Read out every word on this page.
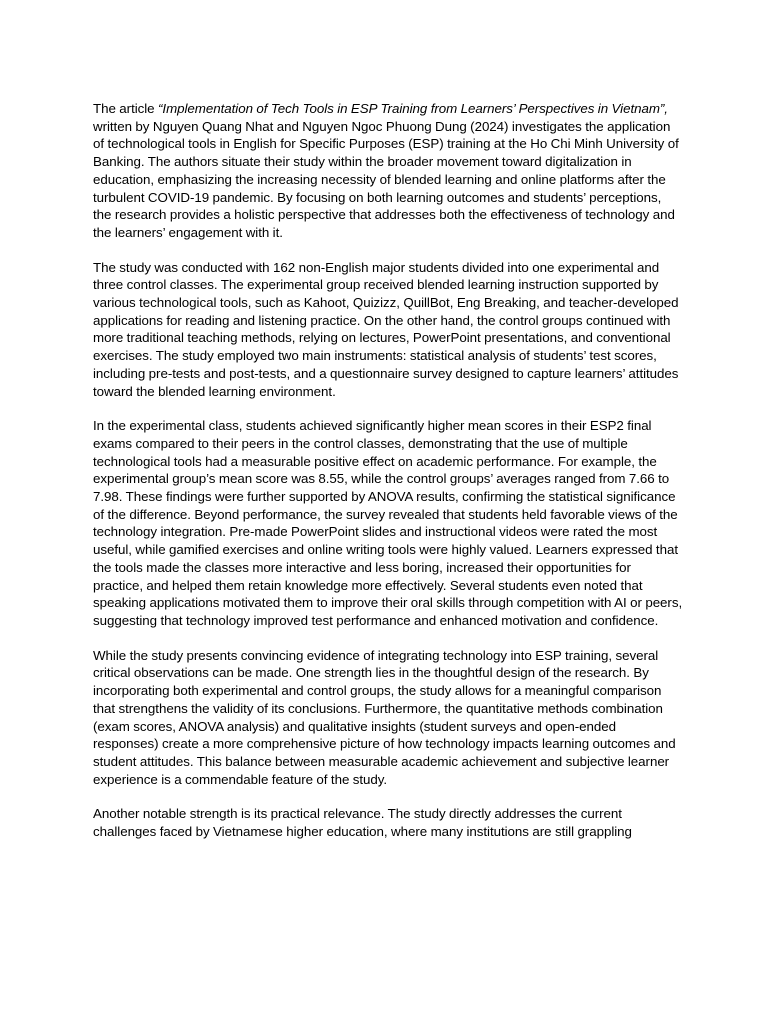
The article “Implementation of Tech Tools in ESP Training from Learners’ Perspectives in Vietnam”, written by Nguyen Quang Nhat and Nguyen Ngoc Phuong Dung (2024) investigates the application of technological tools in English for Specific Purposes (ESP) training at the Ho Chi Minh University of Banking. The authors situate their study within the broader movement toward digitalization in education, emphasizing the increasing necessity of blended learning and online platforms after the turbulent COVID-19 pandemic. By focusing on both learning outcomes and students’ perceptions, the research provides a holistic perspective that addresses both the effectiveness of technology and the learners’ engagement with it.

The study was conducted with 162 non-English major students divided into one experimental and three control classes. The experimental group received blended learning instruction supported by various technological tools, such as Kahoot, Quizizz, QuillBot, Eng Breaking, and teacher-developed applications for reading and listening practice. On the other hand, the control groups continued with more traditional teaching methods, relying on lectures, PowerPoint presentations, and conventional exercises. The study employed two main instruments: statistical analysis of students’ test scores, including pre-tests and post-tests, and a questionnaire survey designed to capture learners’ attitudes toward the blended learning environment.

In the experimental class, students achieved significantly higher mean scores in their ESP2 final exams compared to their peers in the control classes, demonstrating that the use of multiple technological tools had a measurable positive effect on academic performance. For example, the experimental group’s mean score was 8.55, while the control groups’ averages ranged from 7.66 to 7.98. These findings were further supported by ANOVA results, confirming the statistical significance of the difference. Beyond performance, the survey revealed that students held favorable views of the technology integration. Pre-made PowerPoint slides and instructional videos were rated the most useful, while gamified exercises and online writing tools were highly valued. Learners expressed that the tools made the classes more interactive and less boring, increased their opportunities for practice, and helped them retain knowledge more effectively. Several students even noted that speaking applications motivated them to improve their oral skills through competition with AI or peers, suggesting that technology improved test performance and enhanced motivation and confidence.

While the study presents convincing evidence of integrating technology into ESP training, several critical observations can be made. One strength lies in the thoughtful design of the research. By incorporating both experimental and control groups, the study allows for a meaningful comparison that strengthens the validity of its conclusions. Furthermore, the quantitative methods combination (exam scores, ANOVA analysis) and qualitative insights (student surveys and open-ended responses) create a more comprehensive picture of how technology impacts learning outcomes and student attitudes. This balance between measurable academic achievement and subjective learner experience is a commendable feature of the study.

Another notable strength is its practical relevance. The study directly addresses the current challenges faced by Vietnamese higher education, where many institutions are still grappling
